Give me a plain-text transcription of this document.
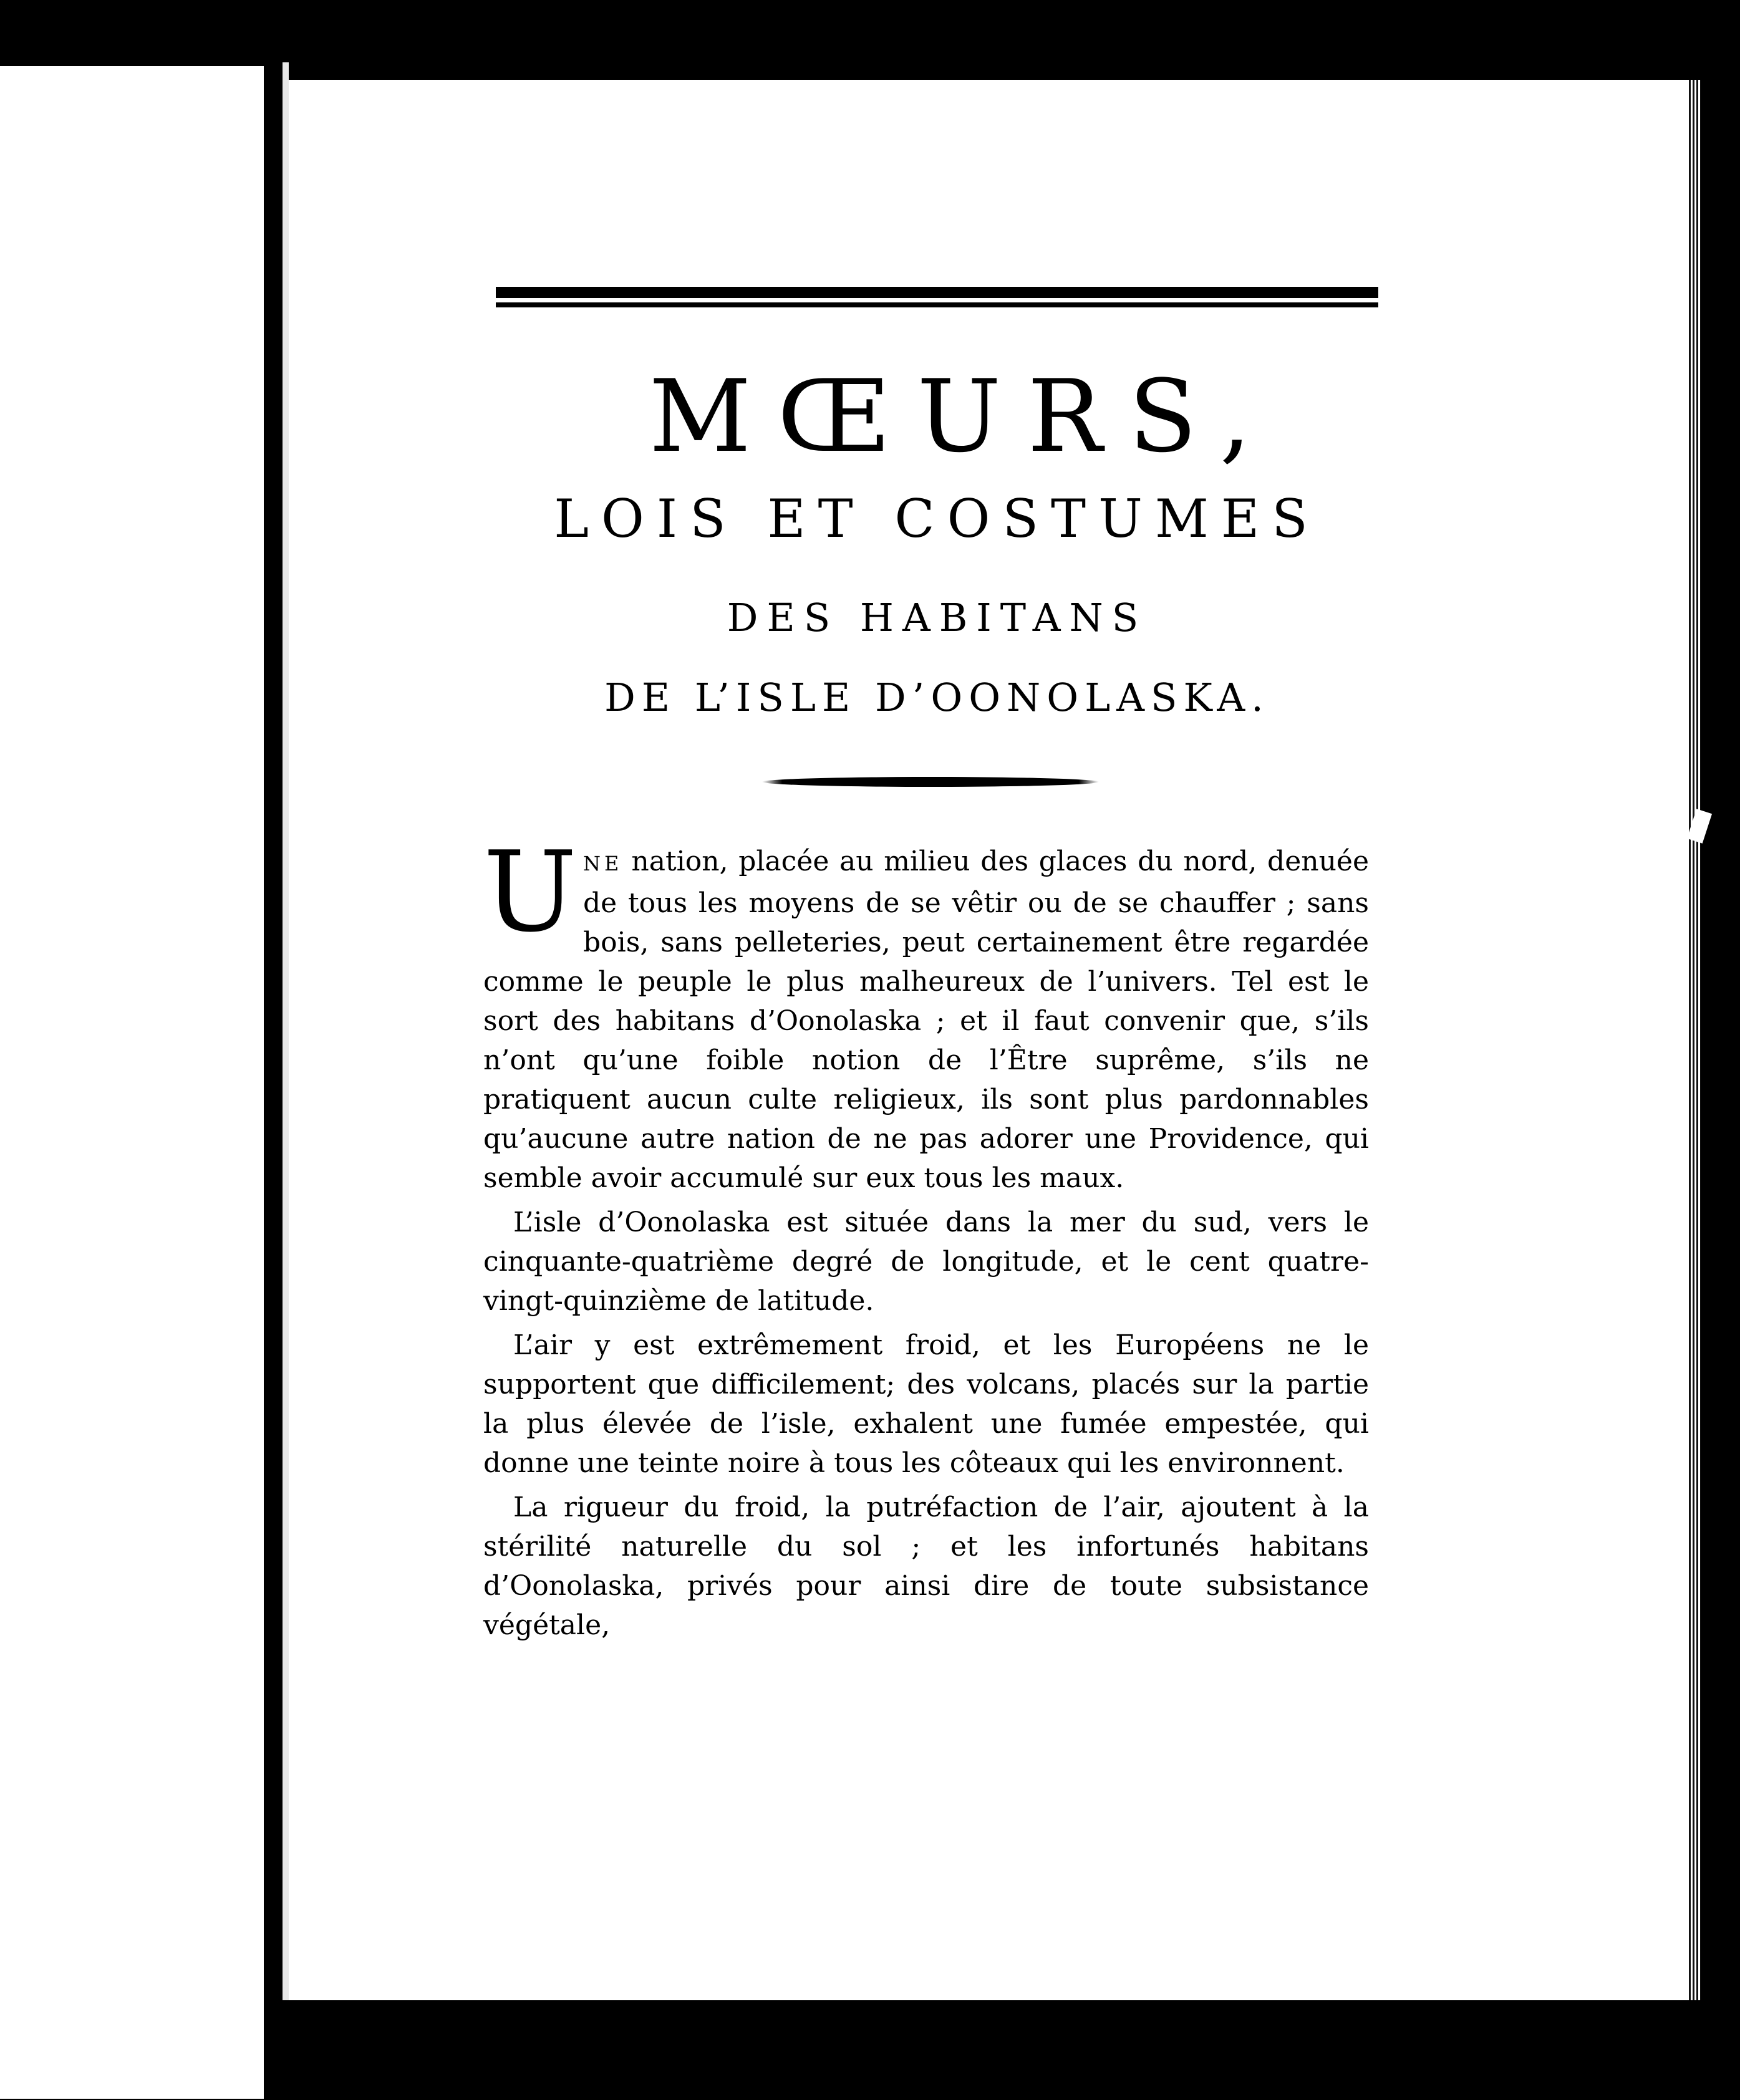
MŒURS,
LOIS ET COSTUMES
DES HABITANS
DE L’ISLE D’OONOLASKA.

UNE nation, placée au milieu des glaces du nord, denuée de tous les moyens de se vêtir ou de se chauffer ; sans bois, sans pelleteries, peut certainement être regardée comme le peuple le plus malheureux de l’univers. Tel est le sort des habitans d’Oonolaska ; et il faut convenir que, s’ils n’ont qu’une foible notion de l’Être suprême, s’ils ne pratiquent aucun culte religieux, ils sont plus pardonnables qu’aucune autre nation de ne pas adorer une Providence, qui semble avoir accumulé sur eux tous les maux.

L’isle d’Oonolaska est située dans la mer du sud, vers le cinquante-quatrième degré de longitude, et le cent quatre-vingt-quinzième de latitude.

L’air y est extrêmement froid, et les Européens ne le supportent que difficilement; des volcans, placés sur la partie la plus élevée de l’isle, exhalent une fumée empestée, qui donne une teinte noire à tous les côteaux qui les environnent.

La rigueur du froid, la putréfaction de l’air, ajoutent à la stérilité naturelle du sol ; et les infortunés habitans d’Oonolaska, privés pour ainsi dire de toute subsistance végétale,
